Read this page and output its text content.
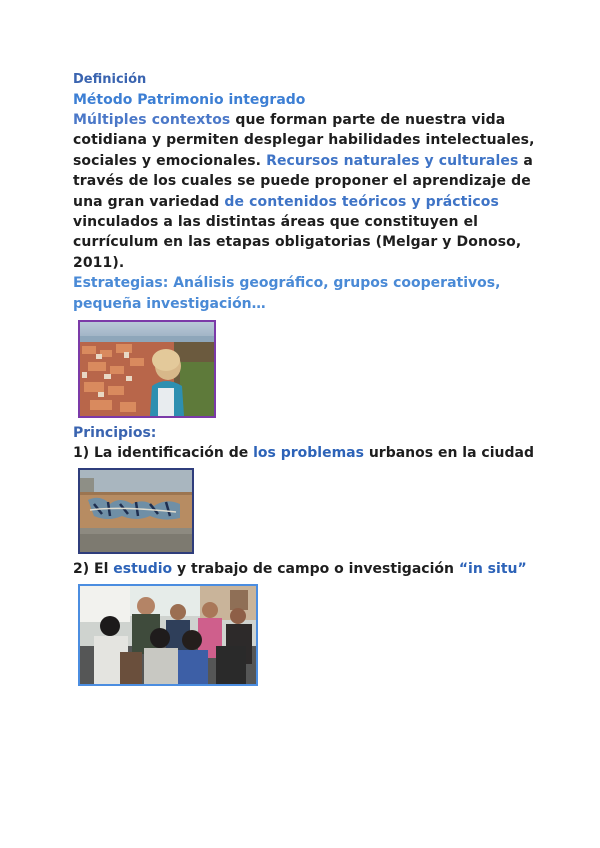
Definición
Método Patrimonio integrado
Múltiples contextos que forman parte de nuestra vida cotidiana y permiten desplegar habilidades intelectuales, sociales y emocionales. Recursos naturales y culturales a través de los cuales se puede proponer el aprendizaje de una gran variedad de contenidos teóricos y prácticos vinculados a las distintas áreas que constituyen el currículum en las etapas obligatorias (Melgar y Donoso, 2011).
Estrategias: Análisis geográfico, grupos cooperativos, pequeña investigación…
Principios:
1) La identificación de los problemas urbanos en la ciudad
2) El estudio y trabajo de campo o investigación “in situ”
